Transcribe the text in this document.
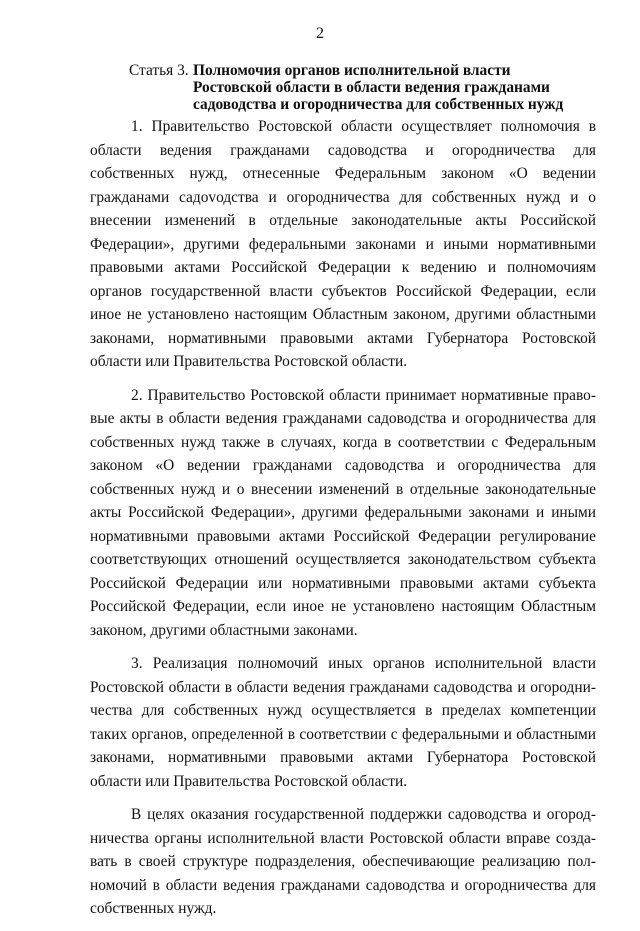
2
Статья 3. Полномочия органов исполнительной власти Ростовской области в области ведения гражданами садоводства и огородничества для собственных нужд

1. Правительство Ростовской области осуществляет полномочия в области ведения гражданами садоводства и огородничества для собственных нужд, отнесенные Федеральным законом «О ведении гражданами садоvодства и огородничества для собственных нужд и о внесении изменений в отдельные законодательные акты Российской Федерации», другими федеральными законами и иными нормативными правовыми актами Российской Федерации к ведению и полномочиям органов государственной власти субъектов Российской Федерации, если иное не установлено настоящим Областным законом, другими областными законами, нормативными правовыми актами Губернатора Ростовской области или Правительства Ростовской области.

2. Правительство Ростовской области принимает нормативные правовые акты в области ведения гражданами садоводства и огородничества для собственных нужд также в случаях, когда в соответствии с Федеральным законом «О ведении гражданами садоводства и огородничества для собственных нужд и о внесении изменений в отдельные законодательные акты Российской Федерации», другими федеральными законами и иными нормативными правовыми актами Российской Федерации регулирование соответствующих отношений осуществляется законодательством субъекта Российской Федерации или нормативными правовыми актами субъекта Российской Федерации, если иное не установлено настоящим Областным законом, другими областными законами.

3. Реализация полномочий иных органов исполнительной власти Ростовской области в области ведения гражданами садоводства и огородничества для собственных нужд осуществляется в пределах компетенции таких органов, определенной в соответствии с федеральными и областными законами, нормативными правовыми актами Губернатора Ростовской области или Правительства Ростовской области.

В целях оказания государственной поддержки садоводства и огородничества органы исполнительной власти Ростовской области вправе создавать в своей структуре подразделения, обеспечивающие реализацию полномочий в области ведения гражданами садоводства и огородничества для собственных нужд.
